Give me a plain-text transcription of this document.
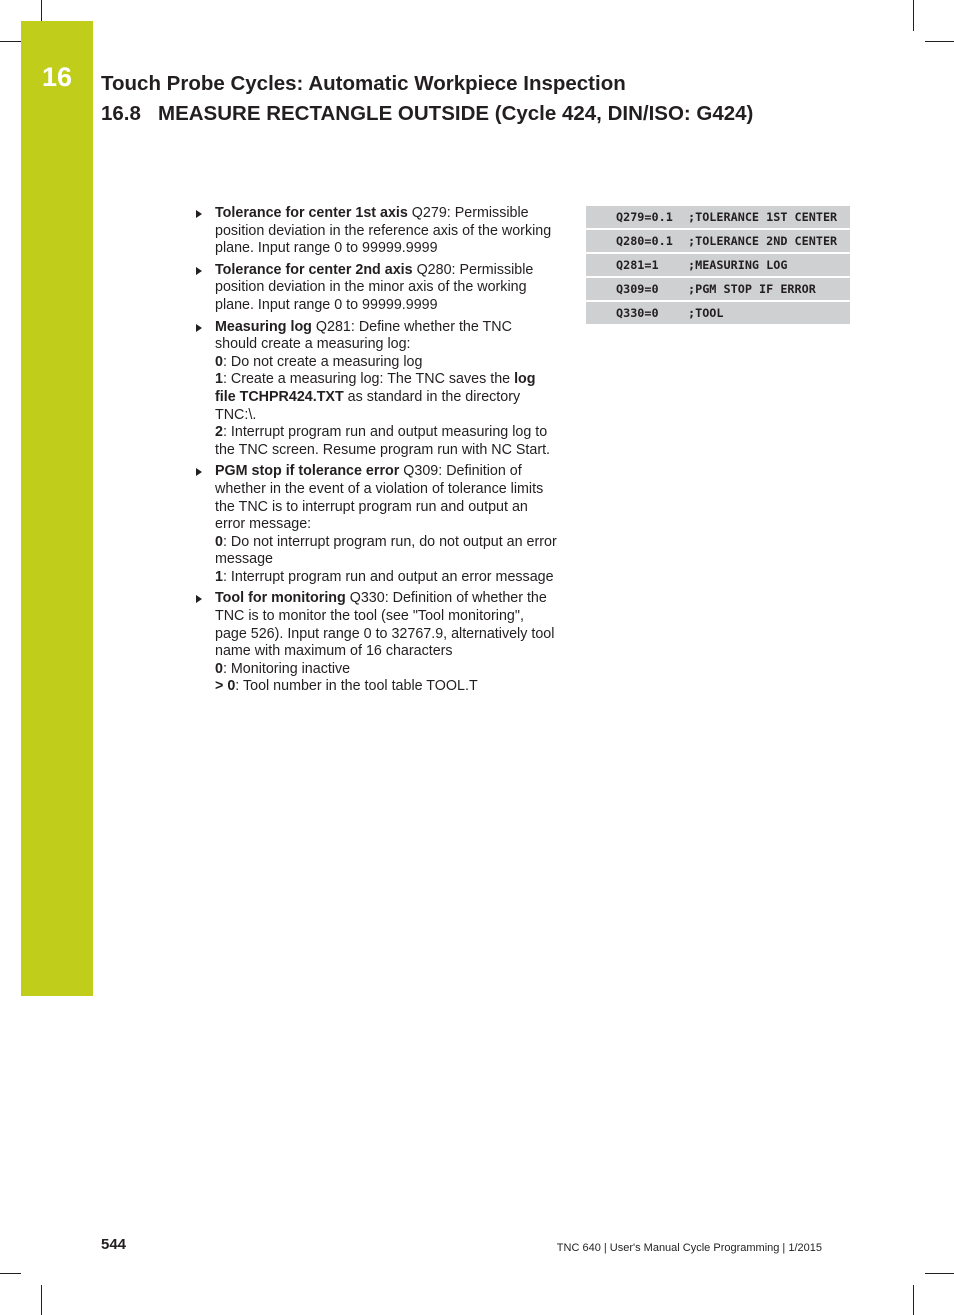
16	Touch Probe Cycles: Automatic Workpiece Inspection
16.8 MEASURE RECTANGLE OUTSIDE (Cycle 424, DIN/ISO: G424)
Tolerance for center 1st axis Q279: Permissible position deviation in the reference axis of the working plane. Input range 0 to 99999.9999
Tolerance for center 2nd axis Q280: Permissible position deviation in the minor axis of the working plane. Input range 0 to 99999.9999
Measuring log Q281: Define whether the TNC should create a measuring log:
0: Do not create a measuring log
1: Create a measuring log: The TNC saves the log file TCHPR424.TXT as standard in the directory TNC:\.
2: Interrupt program run and output measuring log to the TNC screen. Resume program run with NC Start.
PGM stop if tolerance error Q309: Definition of whether in the event of a violation of tolerance limits the TNC is to interrupt program run and output an error message:
0: Do not interrupt program run, do not output an error message
1: Interrupt program run and output an error message
Tool for monitoring Q330: Definition of whether the TNC is to monitor the tool (see "Tool monitoring", page 526). Input range 0 to 32767.9, alternatively tool name with maximum of 16 characters
0: Monitoring inactive
> 0: Tool number in the tool table TOOL.T
Q279=0.1	;TOLERANCE 1ST CENTER
Q280=0.1	;TOLERANCE 2ND CENTER
Q281=1	;MEASURING LOG
Q309=0	;PGM STOP IF ERROR
Q330=0	;TOOL
544	TNC 640 | User's Manual Cycle Programming | 1/2015
